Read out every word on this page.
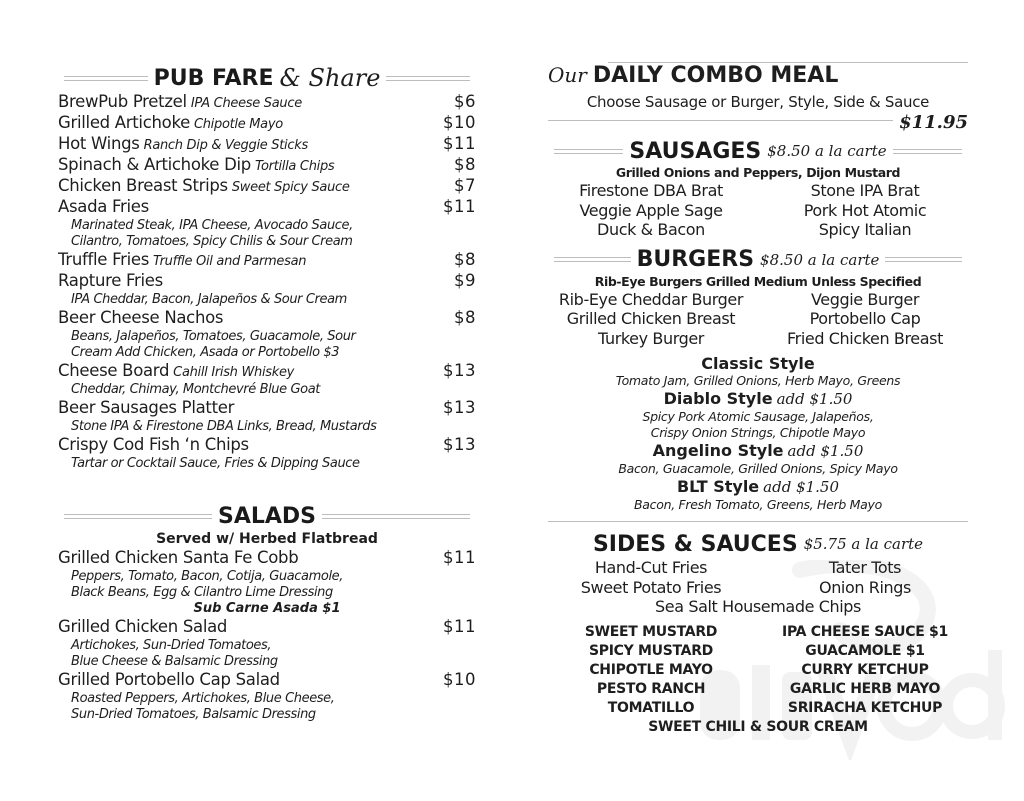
PUB FARE & Share
BrewPub Pretzel IPA Cheese Sauce	$6
Grilled Artichoke Chipotle Mayo	$10
Hot Wings Ranch Dip & Veggie Sticks	$11
Spinach & Artichoke Dip Tortilla Chips	$8
Chicken Breast Strips Sweet Spicy Sauce	$7
Asada Fries	$11
Marinated Steak, IPA Cheese, Avocado Sauce,
Cilantro, Tomatoes, Spicy Chilis & Sour Cream
Truffle Fries Truffle Oil and Parmesan	$8
Rapture Fries	$9
IPA Cheddar, Bacon, Jalapeños & Sour Cream
Beer Cheese Nachos	$8
Beans, Jalapeños, Tomatoes, Guacamole, Sour
Cream Add Chicken, Asada or Portobello $3
Cheese Board Cahill Irish Whiskey	$13
Cheddar, Chimay, Montchevré Blue Goat
Beer Sausages Platter	$13
Stone IPA & Firestone DBA Links, Bread, Mustards
Crispy Cod Fish ‘n Chips	$13
Tartar or Cocktail Sauce, Fries & Dipping Sauce
SALADS
Served w/ Herbed Flatbread
Grilled Chicken Santa Fe Cobb	$11
Peppers, Tomato, Bacon, Cotija, Guacamole,
Black Beans, Egg & Cilantro Lime Dressing
Sub Carne Asada $1
Grilled Chicken Salad	$11
Artichokes, Sun-Dried Tomatoes,
Blue Cheese & Balsamic Dressing
Grilled Portobello Cap Salad	$10
Roasted Peppers, Artichokes, Blue Cheese,
Sun-Dried Tomatoes, Balsamic Dressing
Our DAILY COMBO MEAL
Choose Sausage or Burger, Style, Side & Sauce
$11.95
SAUSAGES $8.50 a la carte
Grilled Onions and Peppers, Dijon Mustard
Firestone DBA Brat	Stone IPA Brat
Veggie Apple Sage	Pork Hot Atomic
Duck & Bacon	Spicy Italian
BURGERS $8.50 a la carte
Rib-Eye Burgers Grilled Medium Unless Specified
Rib-Eye Cheddar Burger	Veggie Burger
Grilled Chicken Breast	Portobello Cap
Turkey Burger	Fried Chicken Breast
Classic Style
Tomato Jam, Grilled Onions, Herb Mayo, Greens
Diablo Style add $1.50
Spicy Pork Atomic Sausage, Jalapeños,
Crispy Onion Strings, Chipotle Mayo
Angelino Style add $1.50
Bacon, Guacamole, Grilled Onions, Spicy Mayo
BLT Style add $1.50
Bacon, Fresh Tomato, Greens, Herb Mayo
SIDES & SAUCES $5.75 a la carte
Hand-Cut Fries	Tater Tots
Sweet Potato Fries	Onion Rings
Sea Salt Housemade Chips
SWEET MUSTARD	IPA CHEESE SAUCE $1
SPICY MUSTARD	GUACAMOLE $1
CHIPOTLE MAYO	CURRY KETCHUP
PESTO RANCH	GARLIC HERB MAYO
TOMATILLO	SRIRACHA KETCHUP
SWEET CHILI & SOUR CREAM
